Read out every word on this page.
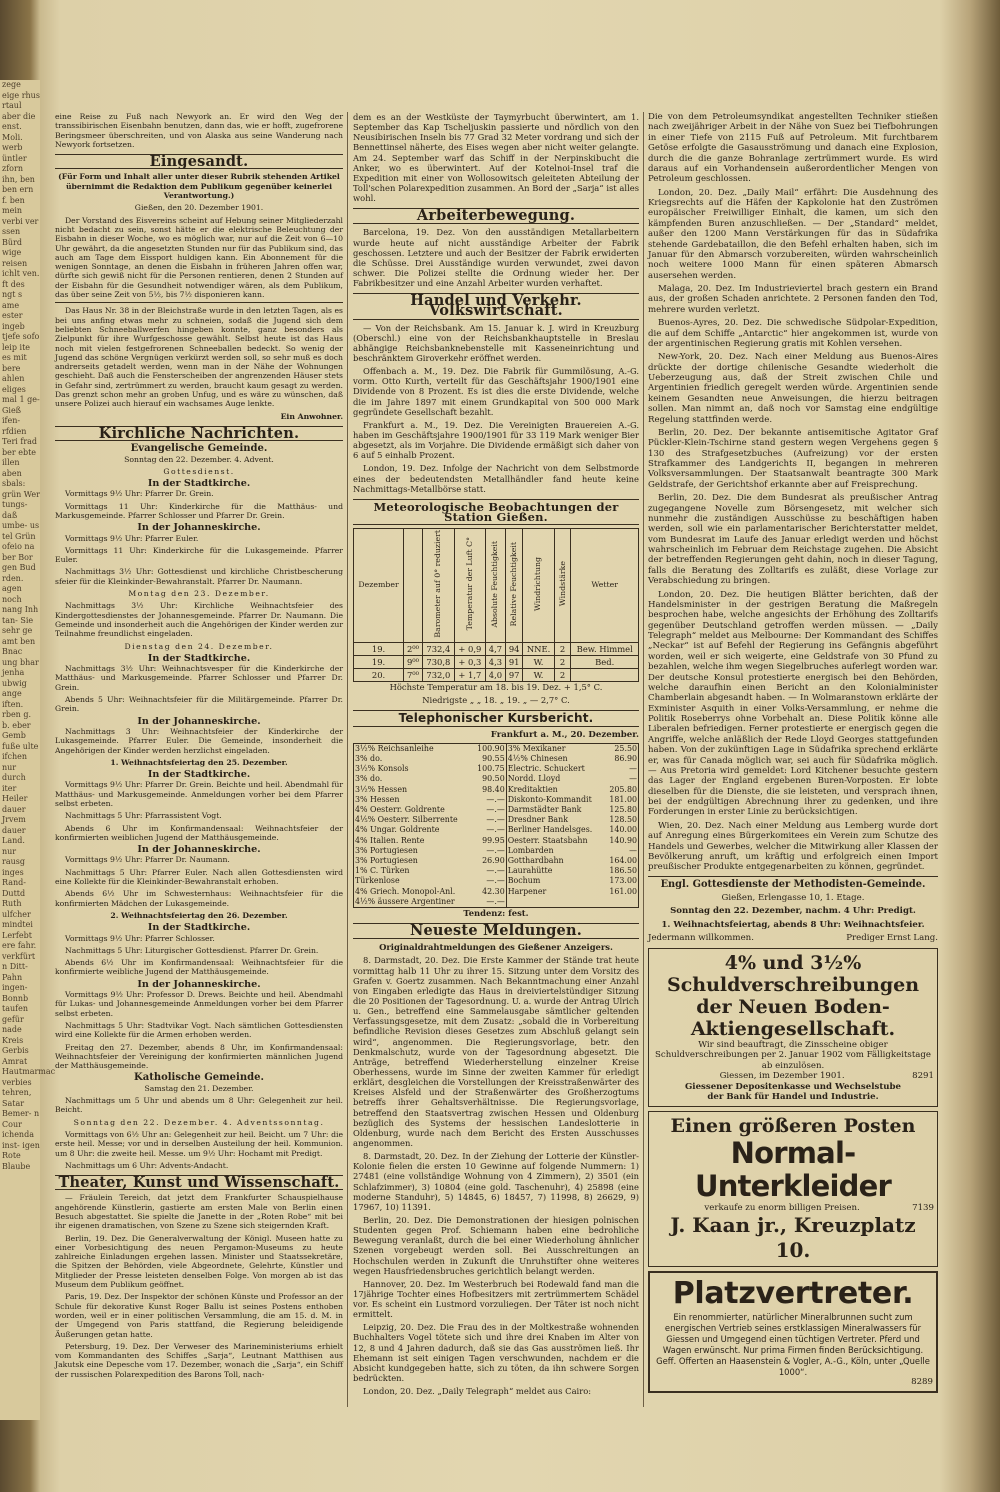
zege eige rhus rtaul aber die enst. Moli. werb üntler zforn ihn, ben ben ern f. ben mein verbi ver ssen Bürd wige reisen ichlt ven. ft des ngt s ame ester ingeb tjefe sofo leip ite es mit bere ahlen eliges mal 1 ge- Gieß ifen- rfdien Teri frad ber ebte illen aben sbals: grün Wer tungs- daß umbe- us tel Grün ofeio na ber Bor gen Bud rden. agen noch nang Inh tan- Sie sehr ge amt ben Bnac ung bhar jenha ubwig ange iften. rben g. b. eber Gemb fuße ulte ifchen nur durch iter Heiler dauer Jrvem dauer Land. nur rausg inges Rand- Duttd Ruth ulfcher mindtei Lerfebt ere fahr. verkfürt n Ditt- Pahn ingen- Bonnb taufen gefür nade Kreis Gerbis Amrat Hautmarmac verbies tehren, Satar Bemer- n Cour ichenda inst- igen Rote Blaube

eine Reise zu Fuß nach Newyork an. Er wird den Weg der transsibirischen Eisenbahn benutzen, dann das, wie er hofft, zugefrorene Beringsmeer überschreiten, und von Alaska aus seine Wanderung nach Newyork fortsetzen.

Eingesandt.

(Für Form und Inhalt aller unter dieser Rubrik stehenden Artikel übernimmt die Redaktion dem Publikum gegenüber keinerlei Verantwortung.)

Gießen, den 20. Dezember 1901.

Der Vorstand des Eisvereins scheint auf Hebung seiner Mitgliederzahl nicht bedacht zu sein, sonst hätte er die elektrische Beleuchtung der Eisbahn in dieser Woche, wo es möglich war, nur auf die Zeit von 6—10 Uhr gewährt, da die angesetzten Stunden nur für das Publikum sind, das auch am Tage dem Eissport huldigen kann. Ein Abonnement für die wenigen Sonntage, an denen die Eisbahn in früheren Jahren offen war, dürfte sich gewiß nicht für die Personen rentieren, denen 2 Stunden auf der Eisbahn für die Gesundheit notwendiger wären, als dem Publikum, das über seine Zeit von 5½, bis 7½ disponieren kann.

Das Haus Nr. 38 in der Bleichstraße wurde in den letzten Tagen, als es bei uns anfing etwas mehr zu schneien, sodaß die Jugend sich dem beliebten Schneeballwerfen hingeben konnte, ganz besonders als Zielpunkt für ihre Wurfgeschosse gewählt. Selbst heute ist das Haus noch mit vielen festgefrorenen Schneeballen bedeckt. So wenig der Jugend das schöne Vergnügen verkürzt werden soll, so sehr muß es doch andrerseits getadelt werden, wenn man in der Nähe der Wohnungen geschieht. Daß auch die Fensterscheiben der angrenzenden Häuser stets in Gefahr sind, zertrümmert zu werden, braucht kaum gesagt zu werden. Das grenzt schon mehr an groben Unfug, und es wäre zu wünschen, daß unsere Polizei auch hierauf ein wachsames Auge lenkte.

Ein Anwohner.

Kirchliche Nachrichten.
Evangelische Gemeinde.

Sonntag den 22. Dezember. 4. Advent.

Gottesdienst.

In der Stadtkirche.

Vormittags 9½ Uhr: Pfarrer Dr. Grein.

Vormittags 11 Uhr: Kinderkirche für die Matthäus- und Markusgemeinde. Pfarrer Schlosser und Pfarrer Dr. Grein.

In der Johanneskirche.

Vormittags 9½ Uhr: Pfarrer Euler.

Vormittags 11 Uhr: Kinderkirche für die Lukasgemeinde. Pfarrer Euler.

Nachmittags 3½ Uhr: Gottesdienst und kirchliche Christbescherung sfeier für die Kleinkinder-Bewahranstalt. Pfarrer Dr. Naumann.

Montag den 23. Dezember.

Nachmittags 3½ Uhr: Kirchliche Weihnachtsfeier des Kindergottesdienstes der Johannesgemeinde. Pfarrer Dr. Naumann. Die Gemeinde und insonderheit auch die Angehörigen der Kinder werden zur Teilnahme freundlichst eingeladen.

Dienstag den 24. Dezember.

In der Stadtkirche.

Nachmittags 3½ Uhr: Weihnachtsvesper für die Kinderkirche der Matthäus- und Markusgemeinde. Pfarrer Schlosser und Pfarrer Dr. Grein.

Abends 5 Uhr: Weihnachtsfeier für die Militärgemeinde. Pfarrer Dr. Grein.

In der Johanneskirche.

Nachmittags 3 Uhr: Weihnachtsfeier der Kinderkirche der Lukasgemeinde. Pfarrer Euler. Die Gemeinde, insonderheit die Angehörigen der Kinder werden herzlichst eingeladen.

1. Weihnachtsfeiertag den 25. Dezember.

In der Stadtkirche.

Vormittags 9½ Uhr: Pfarrer Dr. Grein. Beichte und heil. Abendmahl für Matthäus- und Markusgemeinde. Anmeldungen vorher bei dem Pfarrer selbst erbeten.

Nachmittags 5 Uhr: Pfarrassistent Vogt.

Abends 6 Uhr im Konfirmandensaal: Weihnachtsfeier der konfirmierten weiblichen Jugend der Matthäusgemeinde.

In der Johanneskirche.

Vormittags 9½ Uhr: Pfarrer Dr. Naumann.

Nachmittags 5 Uhr: Pfarrer Euler. Nach allen Gottesdiensten wird eine Kollekte für die Kleinkinder-Bewahranstalt erhoben.

Abends 6½ Uhr im Schwesternhaus: Weihnachtsfeier für die konfirmierten Mädchen der Lukasgemeinde.

2. Weihnachtsfeiertag den 26. Dezember.

In der Stadtkirche.

Vormittags 9½ Uhr: Pfarrer Schlosser.

Nachmittags 5 Uhr: Liturgischer Gottesdienst. Pfarrer Dr. Grein.

Abends 6½ Uhr im Konfirmandensaal: Weihnachtsfeier für die konfirmierte weibliche Jugend der Matthäusgemeinde.

In der Johanneskirche.

Vormittags 9½ Uhr: Professor D. Drews. Beichte und heil. Abendmahl für Lukas- und Johannesgemeinde Anmeldungen vorher bei dem Pfarrer selbst erbeten.

Nachmittags 5 Uhr: Stadtvikar Vogt. Nach sämtlichen Gottesdiensten wird eine Kollekte für die Armen erhoben werden.

Freitag den 27. Dezember, abends 8 Uhr, im Konfirmandensaal: Weihnachtsfeier der Vereinigung der konfirmierten männlichen Jugend der Matthäusgemeinde.

Katholische Gemeinde.

Samstag den 21. Dezember.

Nachmittags um 5 Uhr und abends um 8 Uhr: Gelegenheit zur heil. Beicht.

Sonntag den 22. Dezember. 4. Adventssonntag.

Vormittags von 6½ Uhr an: Gelegenheit zur heil. Beicht. um 7 Uhr: die erste heil. Messe; vor und in derselben Austeilung der heil. Kommunion. um 8 Uhr: die zweite heil. Messe. um 9½ Uhr: Hochamt mit Predigt.

Nachmittags um 6 Uhr: Advents-Andacht.

Theater, Kunst und Wissenschaft.

— Fräulein Tereich, dat jetzt dem Frankfurter Schauspielhause angehörende Künstlerin, gastierte am ersten Male von Berlin einen Besuch abgestattet. Sie spielte die Janette in der „Roten Robe“ mit bei ihr eigenen dramatischen, von Szene zu Szene sich steigernden Kraft.

Berlin, 19. Dez. Die Generalverwaltung der Königl. Museen hatte zu einer Vorbesichtigung des neuen Pergamon-Museums zu heute zahlreiche Einladungen ergehen lassen. Minister und Staatssekretäre, die Spitzen der Behörden, viele Abgeordnete, Gelehrte, Künstler und Mitglieder der Presse leisteten denselben Folge. Von morgen ab ist das Museum dem Publikum geöffnet.

Paris, 19. Dez. Der Inspektor der schönen Künste und Professor an der Schule für dekorative Kunst Roger Ballu ist seines Postens enthoben worden, weil er in einer politischen Versammlung, die am 15. d. M. in der Umgegend von Paris stattfand, die Regierung beleidigende Äußerungen getan hatte.

Petersburg, 19. Dez. Der Verweser des Marineministeriums erhielt vom Kommandanten des Schiffes „Sarja“, Leutnant Matthisen aus Jakutsk eine Depesche vom 17. Dezember, wonach die „Sarja“, ein Schiff der russischen Polarexpedition des Barons Toll, nach-

dem es an der Westküste der Taymyrbucht überwintert, am 1. September das Kap Tscheljuskin passierte und nördlich von den Neusibirischen Inseln bis 77 Grad 32 Meter vordrang und sich der Bennettinsel näherte, des Eises wegen aber nicht weiter gelangte. Am 24. September warf das Schiff in der Nerpinskibucht die Anker, wo es überwintert. Auf der Kotelnoi-Insel traf die Expedition mit einer von Wollosowitsch geleiteten Abteilung der Toll'schen Polarexpedition zusammen. An Bord der „Sarja“ ist alles wohl.

Arbeiterbewegung.

Barcelona, 19. Dez. Von den ausständigen Metallarbeitern wurde heute auf nicht ausständige Arbeiter der Fabrik geschossen. Letztere und auch der Besitzer der Fabrik erwiderten die Schüsse. Drei Ausständige wurden verwundet, zwei davon schwer. Die Polizei stellte die Ordnung wieder her. Der Fabrikbesitzer und eine Anzahl Arbeiter wurden verhaftet.

Handel und Verkehr. Volkswirtschaft.

— Von der Reichsbank. Am 15. Januar k. J. wird in Kreuzburg (Oberschl.) eine von der Reichsbankhauptstelle in Breslau abhängige Reichsbanknebenstelle mit Kasseneinrichtung und beschränktem Giroverkehr eröffnet werden.

Offenbach a. M., 19. Dez. Die Fabrik für Gummilösung, A.-G. vorm. Otto Kurth, verteilt für das Geschäftsjahr 1900/1901 eine Dividende von 8 Prozent. Es ist dies die erste Dividende, welche die im Jahre 1897 mit einem Grundkapital von 500 000 Mark gegründete Gesellschaft bezahlt.

Frankfurt a. M., 19. Dez. Die Vereinigten Brauereien A.-G. haben im Geschäftsjahre 1900/1901 für 33 119 Mark weniger Bier abgesetzt, als im Vorjahre. Die Dividende ermäßigt sich daher von 6 auf 5 einhalb Prozent.

London, 19. Dez. Infolge der Nachricht von dem Selbstmorde eines der bedeutendsten Metallhändler fand heute keine Nachmittags-Metallbörse statt.

Meteorologische Beobachtungen der Station Gießen.
Dezember		Barometer auf 0° reduziert	Temperatur der Luft C°	Absolute Feuchtigkeit	Relative Feuchtigkeit	Windrichtung	Windstärke	Wetter
19.	2⁰⁰	732,4	+ 0,9	4,7	94	NNE.	2	Bew. Himmel
19.	9⁰⁰	730,8	+ 0,3	4,3	91	W.	2	Bed.
20.	7⁰⁰	732,0	+ 1,7	4,0	97	W.	2	

Höchste Temperatur am 18. bis 19. Dez. + 1,5° C.

Niedrigste „ „ 18. „ 19. „ — 2,7° C.

Telephonischer Kursbericht.

Frankfurt a. M., 20. Dezember.

3½% Reichsanleihe	100.90	3% Mexikaner	25.50
3% do.	90.55	4½% Chinesen	86.90
3½% Konsols	100.75	Electric. Schuckert	—
3% do.	90.50	Nordd. Lloyd	—
3½% Hessen	98.40	Kreditaktien	205.80
3% Hessen	—.—	Diskonto-Kommandit	181.00
4% Oesterr. Goldrente	—.—	Darmstädter Bank	125.80
4⅕% Oesterr. Silberrente	—.—	Dresdner Bank	128.50
4% Ungar. Goldrente	—.—	Berliner Handelsges.	140.00
4% Italien. Rente	99.95	Oesterr. Staatsbahn	140.90
3% Portugiesen	—.—	Lombarden	—
3% Portugiesen	26.90	Gotthardbahn	164.00
1% C. Türken	—.—	Laurahütte	186.50
Türkenlose	—.—	Bochum	173.00
4% Griech. Monopol-Anl.	42.30	Harpener	161.00
4½% äussere Argentiner	—.—		

Tendenz: fest.

Neueste Meldungen.

Originaldrahtmeldungen des Gießener Anzeigers.

8. Darmstadt, 20. Dez. Die Erste Kammer der Stände trat heute vormittag halb 11 Uhr zu ihrer 15. Sitzung unter dem Vorsitz des Grafen v. Goertz zusammen. Nach Bekanntmachung einer Anzahl von Eingaben erledigte das Haus in dreiviertelstündiger Sitzung die 20 Positionen der Tagesordnung. U. a. wurde der Antrag Ulrich u. Gen., betreffend eine Sammelausgabe sämtlicher geltenden Verfassungsgesetze, mit dem Zusatz: „sobald die in Vorbereitung befindliche Revision dieses Gesetzes zum Abschluß gelangt sein wird“, angenommen. Die Regierungsvorlage, betr. den Denkmalschutz, wurde von der Tagesordnung abgesetzt. Die Anträge, betreffend Wiederherstellung einzelner Kreise Oberhessens, wurde im Sinne der zweiten Kammer für erledigt erklärt, desgleichen die Vorstellungen der Kreisstraßenwärter des Kreises Alsfeld und der Straßenwärter des Großherzogtums betreffs ihrer Gehaltsverhältnisse. Die Regierungsvorlage, betreffend den Staatsvertrag zwischen Hessen und Oldenburg bezüglich des Systems der hessischen Landeslotterie in Oldenburg, wurde nach dem Bericht des Ersten Ausschusses angenommen.

8. Darmstadt, 20. Dez. In der Ziehung der Lotterie der Künstler-Kolonie fielen die ersten 10 Gewinne auf folgende Nummern: 1) 27481 (eine vollständige Wohnung von 4 Zimmern), 2) 3501 (ein Schlafzimmer), 3) 10804 (eine gold. Taschenuhr), 4) 25898 (eine moderne Standuhr), 5) 14845, 6) 18457, 7) 11998, 8) 26629, 9) 17967, 10) 11391.

Berlin, 20. Dez. Die Demonstrationen der hiesigen polnischen Studenten gegen Prof. Schiemann haben eine bedrohliche Bewegung veranlaßt, durch die bei einer Wiederholung ähnlicher Szenen vorgebeugt werden soll. Bei Ausschreitungen an Hochschulen werden in Zukunft die Unruhstifter ohne weiteres wegen Hausfriedensbruches gerichtlich belangt werden.

Hannover, 20. Dez. Im Westerbruch bei Rodewald fand man die 17jährige Tochter eines Hofbesitzers mit zertrümmertem Schädel vor. Es scheint ein Lustmord vorzuliegen. Der Täter ist noch nicht ermittelt.

Leipzig, 20. Dez. Die Frau des in der Moltkestraße wohnenden Buchhalters Vogel tötete sich und ihre drei Knaben im Alter von 12, 8 und 4 Jahren dadurch, daß sie das Gas ausströmen ließ. Ihr Ehemann ist seit einigen Tagen verschwunden, nachdem er die Absicht kundgegeben hatte, sich zu töten, da ihn schwere Sorgen bedrückten.

London, 20. Dez. „Daily Telegraph“ meldet aus Cairo:

Die von dem Petroleumsyndikat angestellten Techniker stießen nach zweijähriger Arbeit in der Nähe von Suez bei Tiefbohrungen in einer Tiefe von 2115 Fuß auf Petroleum. Mit furchtbarem Getöse erfolgte die Gasausströmung und danach eine Explosion, durch die die ganze Bohranlage zertrümmert wurde. Es wird daraus auf ein Vorhandensein außerordentlicher Mengen von Petroleum geschlossen.

London, 20. Dez. „Daily Mail“ erfährt: Die Ausdehnung des Kriegsrechts auf die Häfen der Kapkolonie hat den Zuströmen europäischer Freiwilliger Einhalt, die kamen, um sich den kämpfenden Buren anzuschließen. — Der „Standard“ meldet, außer den 1200 Mann Verstärkungen für das in Südafrika stehende Gardebataillon, die den Befehl erhalten haben, sich im Januar für den Abmarsch vorzubereiten, würden wahrscheinlich noch weitere 1000 Mann für einen späteren Abmarsch ausersehen werden.

Malaga, 20. Dez. Im Industrieviertel brach gestern ein Brand aus, der großen Schaden anrichtete. 2 Personen fanden den Tod, mehrere wurden verletzt.

Buenos-Ayres, 20. Dez. Die schwedische Südpolar-Expedition, die auf dem Schiffe „Antarctic“ hier angekommen ist, wurde von der argentinischen Regierung gratis mit Kohlen versehen.

New-York, 20. Dez. Nach einer Meldung aus Buenos-Aires drückte der dortige chilenische Gesandte wiederholt die Ueberzeugung aus, daß der Streit zwischen Chile und Argentinien friedlich geregelt werden würde. Argentinien sende keinem Gesandten neue Anweisungen, die hierzu beitragen sollen. Man nimmt an, daß noch vor Samstag eine endgültige Regelung stattfinden werde.

Berlin, 20. Dez. Der bekannte antisemitische Agitator Graf Pückler-Klein-Tschirne stand gestern wegen Vergehens gegen § 130 des Strafgesetzbuches (Aufreizung) vor der ersten Strafkammer des Landgerichts II, begangen in mehreren Volksversammlungen. Der Staatsanwalt beantragte 300 Mark Geldstrafe, der Gerichtshof erkannte aber auf Freisprechung.

Berlin, 20. Dez. Die dem Bundesrat als preußischer Antrag zugegangene Novelle zum Börsengesetz, mit welcher sich nunmehr die zuständigen Ausschüsse zu beschäftigen haben werden, soll wie ein parlamentarischer Berichterstatter meldet, vom Bundesrat im Laufe des Januar erledigt werden und höchst wahrscheinlich im Februar dem Reichstage zugehen. Die Absicht der betreffenden Regierungen geht dahin, noch in dieser Tagung, falls die Beratung des Zolltarifs es zuläßt, diese Vorlage zur Verabschiedung zu bringen.

London, 20. Dez. Die heutigen Blätter berichten, daß der Handelsminister in der gestrigen Beratung die Maßregeln besprochen habe, welche angesichts der Erhöhung des Zolltarifs gegenüber Deutschland getroffen werden müssen. — „Daily Telegraph“ meldet aus Melbourne: Der Kommandant des Schiffes „Neckar“ ist auf Befehl der Regierung ins Gefängnis abgeführt worden, weil er sich weigerte, eine Geldstrafe von 30 Pfund zu bezahlen, welche ihm wegen Siegelbruches auferlegt worden war. Der deutsche Konsul protestierte energisch bei den Behörden, welche daraufhin einen Bericht an den Kolonialminister Chamberlain abgesandt haben. — In Wolmaranstown erklärte der Exminister Asquith in einer Volks-Versammlung, er nehme die Politik Roseberrys ohne Vorbehalt an. Diese Politik könne alle Liberalen befriedigen. Ferner protestierte er energisch gegen die Angriffe, welche anläßlich der Rede Lloyd Georges stattgefunden haben. Von der zukünftigen Lage in Südafrika sprechend erklärte er, was für Canada möglich war, sei auch für Südafrika möglich. — Aus Pretoria wird gemeldet: Lord Kitchener besuchte gestern das Lager der England ergebenen Buren-Vorposten. Er lobte dieselben für die Dienste, die sie leisteten, und versprach ihnen, bei der endgültigen Abrechnung ihrer zu gedenken, und ihre Forderungen in erster Linie zu berücksichtigen.

Wien, 20. Dez. Nach einer Meldung aus Lemberg wurde dort auf Anregung eines Bürgerkomitees ein Verein zum Schutze des Handels und Gewerbes, welcher die Mitwirkung aller Klassen der Bevölkerung anruft, um kräftig und erfolgreich einen Import preußischer Produkte entgegenarbeiten zu können, gegründet.

Engl. Gottesdienste der Methodisten-Gemeinde.

Gießen, Erlengasse 10, 1. Etage.

Sonntag den 22. Dezember, nachm. 4 Uhr: Predigt.

1. Weihnachtsfeiertag, abends 8 Uhr: Weihnachtsfeier.

Jedermann willkommen.	Prediger Ernst Lang.

4% und 3½% Schuldverschreibungen
der Neuen Boden-Aktiengesellschaft.
Wir sind beauftragt, die Zinsscheine obiger Schuldverschreibungen per 2. Januar 1902 vom Fälligkeitstage ab einzulösen.
Giessen, im Dezember 1901.	8291
Giessener Depositenkasse und Wechselstube
der Bank für Handel und Industrie.
Einen größeren Posten
Normal-Unterkleider
verkaufe zu enorm billigen Preisen.	7139
J. Kaan jr., Kreuzplatz 10.
Platzvertreter.
Ein renommierter, natürlicher Mineralbrunnen sucht zum energischen Vertrieb seines erstklassigen Mineralwassers für Giessen und Umgegend einen tüchtigen Vertreter. Pferd und Wagen erwünscht. Nur prima Firmen finden Berücksichtigung. Geff. Offerten an Haasenstein & Vogler, A.-G., Köln, unter „Quelle 1000“.
8289
